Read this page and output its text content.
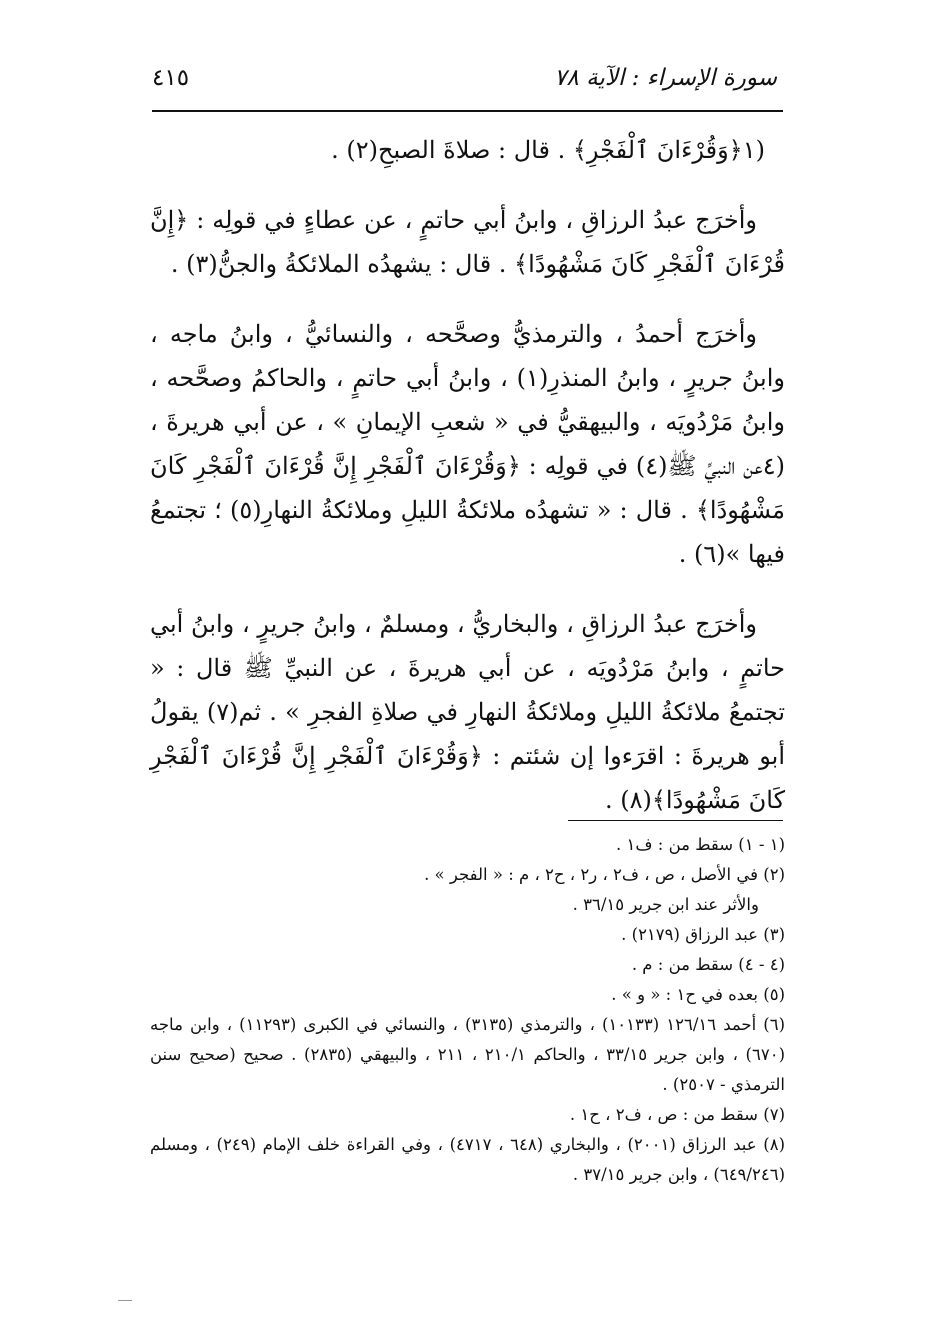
سورة الإسراء : الآية ٧٨
٤١٥

(١﴿وَقُرْءَانَ ٱلْفَجْرِ﴾ . قال : صلاةَ الصبحِ(٢) .

وأخرَج عبدُ الرزاقِ ، وابنُ أبي حاتمٍ ، عن عطاءٍ في قولِه : ﴿إِنَّ قُرْءَانَ ٱلْفَجْرِ كَانَ مَشْهُودًا﴾ . قال : يشهدُه الملائكةُ والجنُّ(٣) .

وأخرَج أحمدُ ، والترمذيُّ وصحَّحه ، والنسائيُّ ، وابنُ ماجه ، وابنُ جريرٍ ، وابنُ المنذرِ(١) ، وابنُ أبي حاتمٍ ، والحاكمُ وصحَّحه ، وابنُ مَرْدُويَه ، والبيهقيُّ في « شعبِ الإيمانِ » ، عن أبي هريرةَ ، (٤عن النبيِّ ﷺ(٤) في قولِه : ﴿وَقُرْءَانَ ٱلْفَجْرِ إِنَّ قُرْءَانَ ٱلْفَجْرِ كَانَ مَشْهُودًا﴾ . قال : « تشهدُه ملائكةُ الليلِ وملائكةُ النهارِ(٥) ؛ تجتمعُ فيها »(٦) .

وأخرَج عبدُ الرزاقِ ، والبخاريُّ ، ومسلمٌ ، وابنُ جريرٍ ، وابنُ أبي حاتمٍ ، وابنُ مَرْدُويَه ، عن أبي هريرةَ ، عن النبيِّ ﷺ قال : « تجتمعُ ملائكةُ الليلِ وملائكةُ النهارِ في صلاةِ الفجرِ » . ثم(٧) يقولُ أبو هريرةَ : اقرَءوا إن شئتم : ﴿وَقُرْءَانَ ٱلْفَجْرِ إِنَّ قُرْءَانَ ٱلْفَجْرِ كَانَ مَشْهُودًا﴾(٨) .

(١ - ١) سقط من : ف١ .

(٢) في الأصل ، ص ، ف٢ ، ر٢ ، ح٢ ، م : « الفجر » .

والأثر عند ابن جرير ٣٦/١٥ .

(٣) عبد الرزاق (٢١٧٩) .

(٤ - ٤) سقط من : م .

(٥) بعده في ح١ : « و » .

(٦) أحمد ١٢٦/١٦ (١٠١٣٣) ، والترمذي (٣١٣٥) ، والنسائي في الكبرى (١١٢٩٣) ، وابن ماجه (٦٧٠) ، وابن جرير ٣٣/١٥ ، والحاكم ٢١٠/١ ، ٢١١ ، والبيهقي (٢٨٣٥) . صحيح (صحيح سنن الترمذي - ٢٥٠٧) .

(٧) سقط من : ص ، ف٢ ، ح١ .

(٨) عبد الرزاق (٢٠٠١) ، والبخاري (٦٤٨ ، ٤٧١٧) ، وفي القراءة خلف الإمام (٢٤٩) ، ومسلم (٦٤٩/٢٤٦) ، وابن جرير ٣٧/١٥ .
